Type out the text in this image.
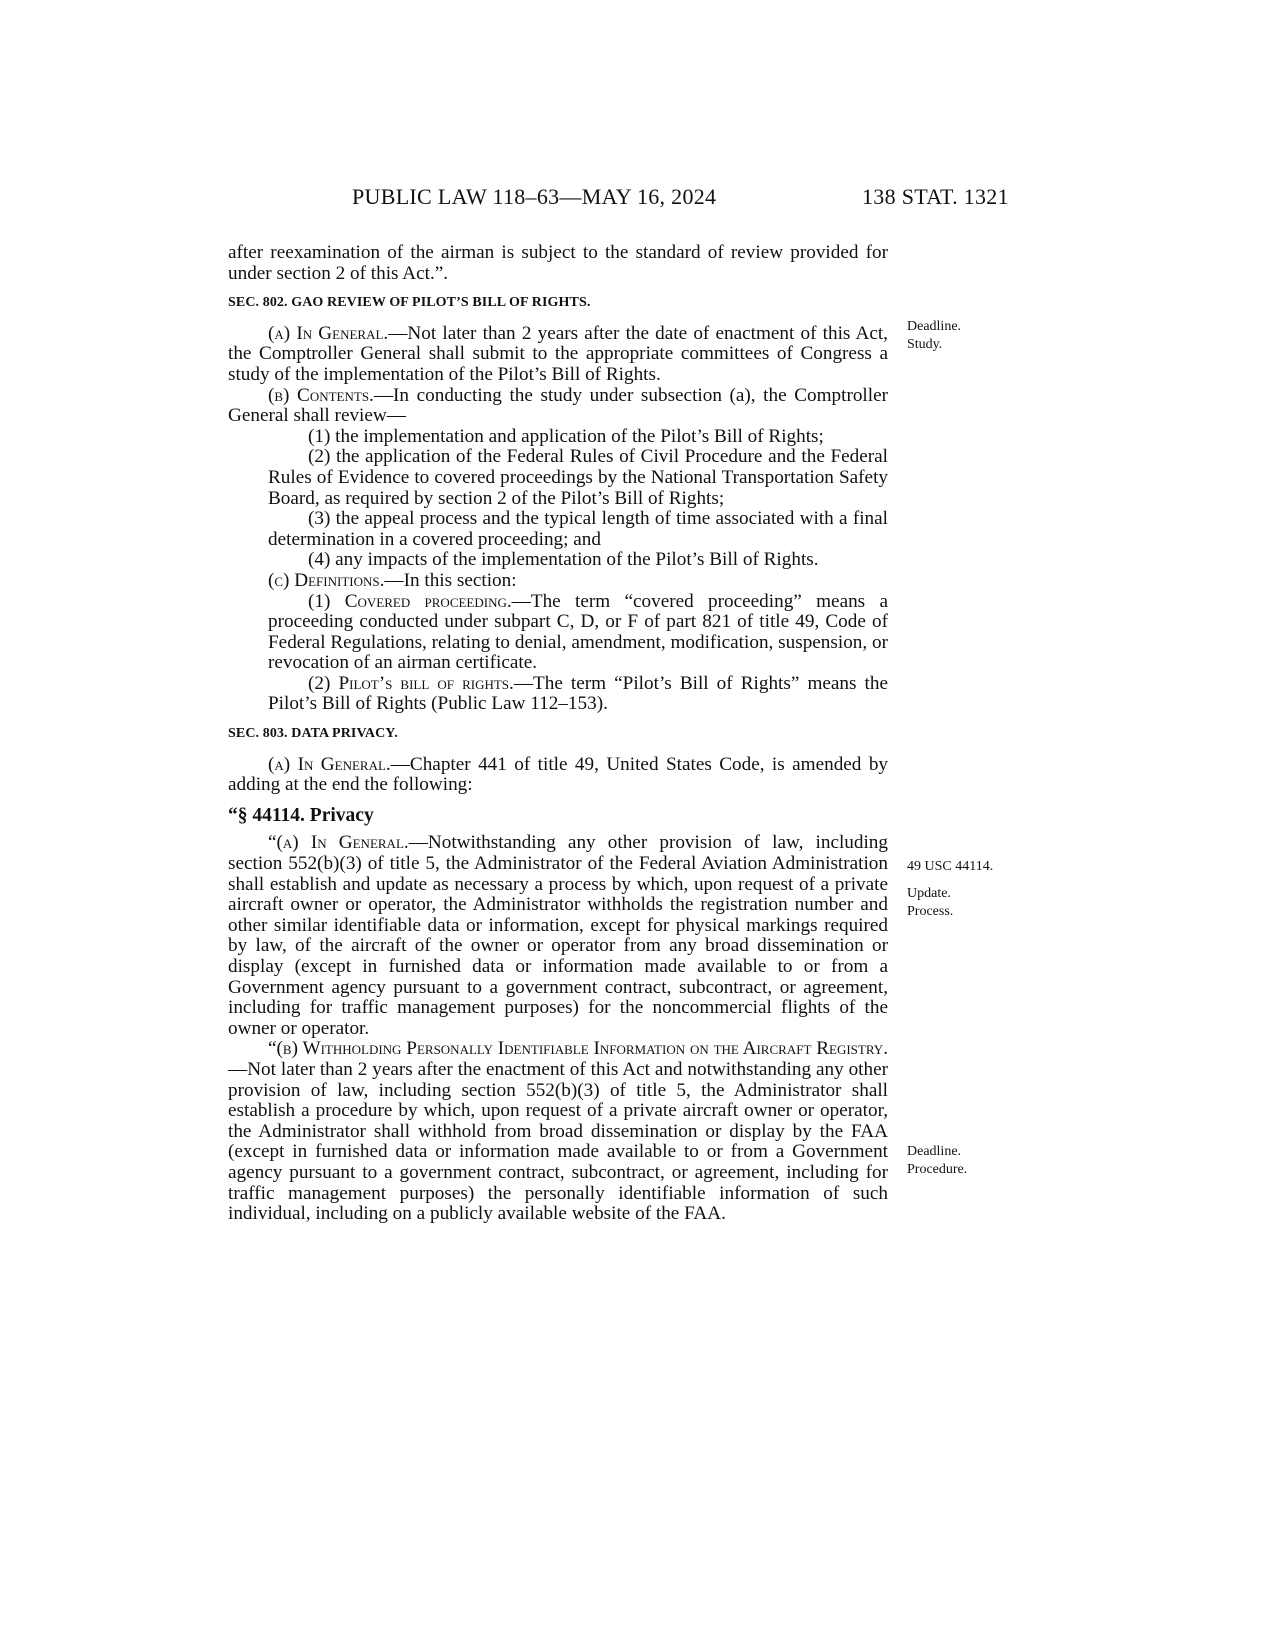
PUBLIC LAW 118–63—MAY 16, 2024	138 STAT. 1321

after reexamination of the airman is subject to the standard of review provided for under section 2 of this Act.”.

SEC. 802. GAO REVIEW OF PILOT’S BILL OF RIGHTS.

(a) In General.—Not later than 2 years after the date of enactment of this Act, the Comptroller General shall submit to the appropriate committees of Congress a study of the implementation of the Pilot’s Bill of Rights.

(b) Contents.—In conducting the study under subsection (a), the Comptroller General shall review—

(1) the implementation and application of the Pilot’s Bill of Rights;

(2) the application of the Federal Rules of Civil Procedure and the Federal Rules of Evidence to covered proceedings by the National Transportation Safety Board, as required by section 2 of the Pilot’s Bill of Rights;

(3) the appeal process and the typical length of time associated with a final determination in a covered proceeding; and

(4) any impacts of the implementation of the Pilot’s Bill of Rights.

(c) Definitions.—In this section:

(1) Covered proceeding.—The term “covered proceeding” means a proceeding conducted under subpart C, D, or F of part 821 of title 49, Code of Federal Regulations, relating to denial, amendment, modification, suspension, or revocation of an airman certificate.

(2) Pilot’s bill of rights.—The term “Pilot’s Bill of Rights” means the Pilot’s Bill of Rights (Public Law 112–153).

SEC. 803. DATA PRIVACY.

(a) In General.—Chapter 441 of title 49, United States Code, is amended by adding at the end the following:

“§ 44114. Privacy

“(a) In General.—Notwithstanding any other provision of law, including section 552(b)(3) of title 5, the Administrator of the Federal Aviation Administration shall establish and update as necessary a process by which, upon request of a private aircraft owner or operator, the Administrator withholds the registration number and other similar identifiable data or information, except for physical markings required by law, of the aircraft of the owner or operator from any broad dissemination or display (except in furnished data or information made available to or from a Government agency pursuant to a government contract, subcontract, or agreement, including for traffic management purposes) for the noncommercial flights of the owner or operator.

“(b) Withholding Personally Identifiable Information on the Aircraft Registry.—Not later than 2 years after the enactment of this Act and notwithstanding any other provision of law, including section 552(b)(3) of title 5, the Administrator shall establish a procedure by which, upon request of a private aircraft owner or operator, the Administrator shall withhold from broad dissemination or display by the FAA (except in furnished data or information made available to or from a Government agency pursuant to a government contract, subcontract, or agreement, including for traffic management purposes) the personally identifiable information of such individual, including on a publicly available website of the FAA.

Deadline.
Study.
49 USC 44114.
Update.
Process.
Deadline.
Procedure.
